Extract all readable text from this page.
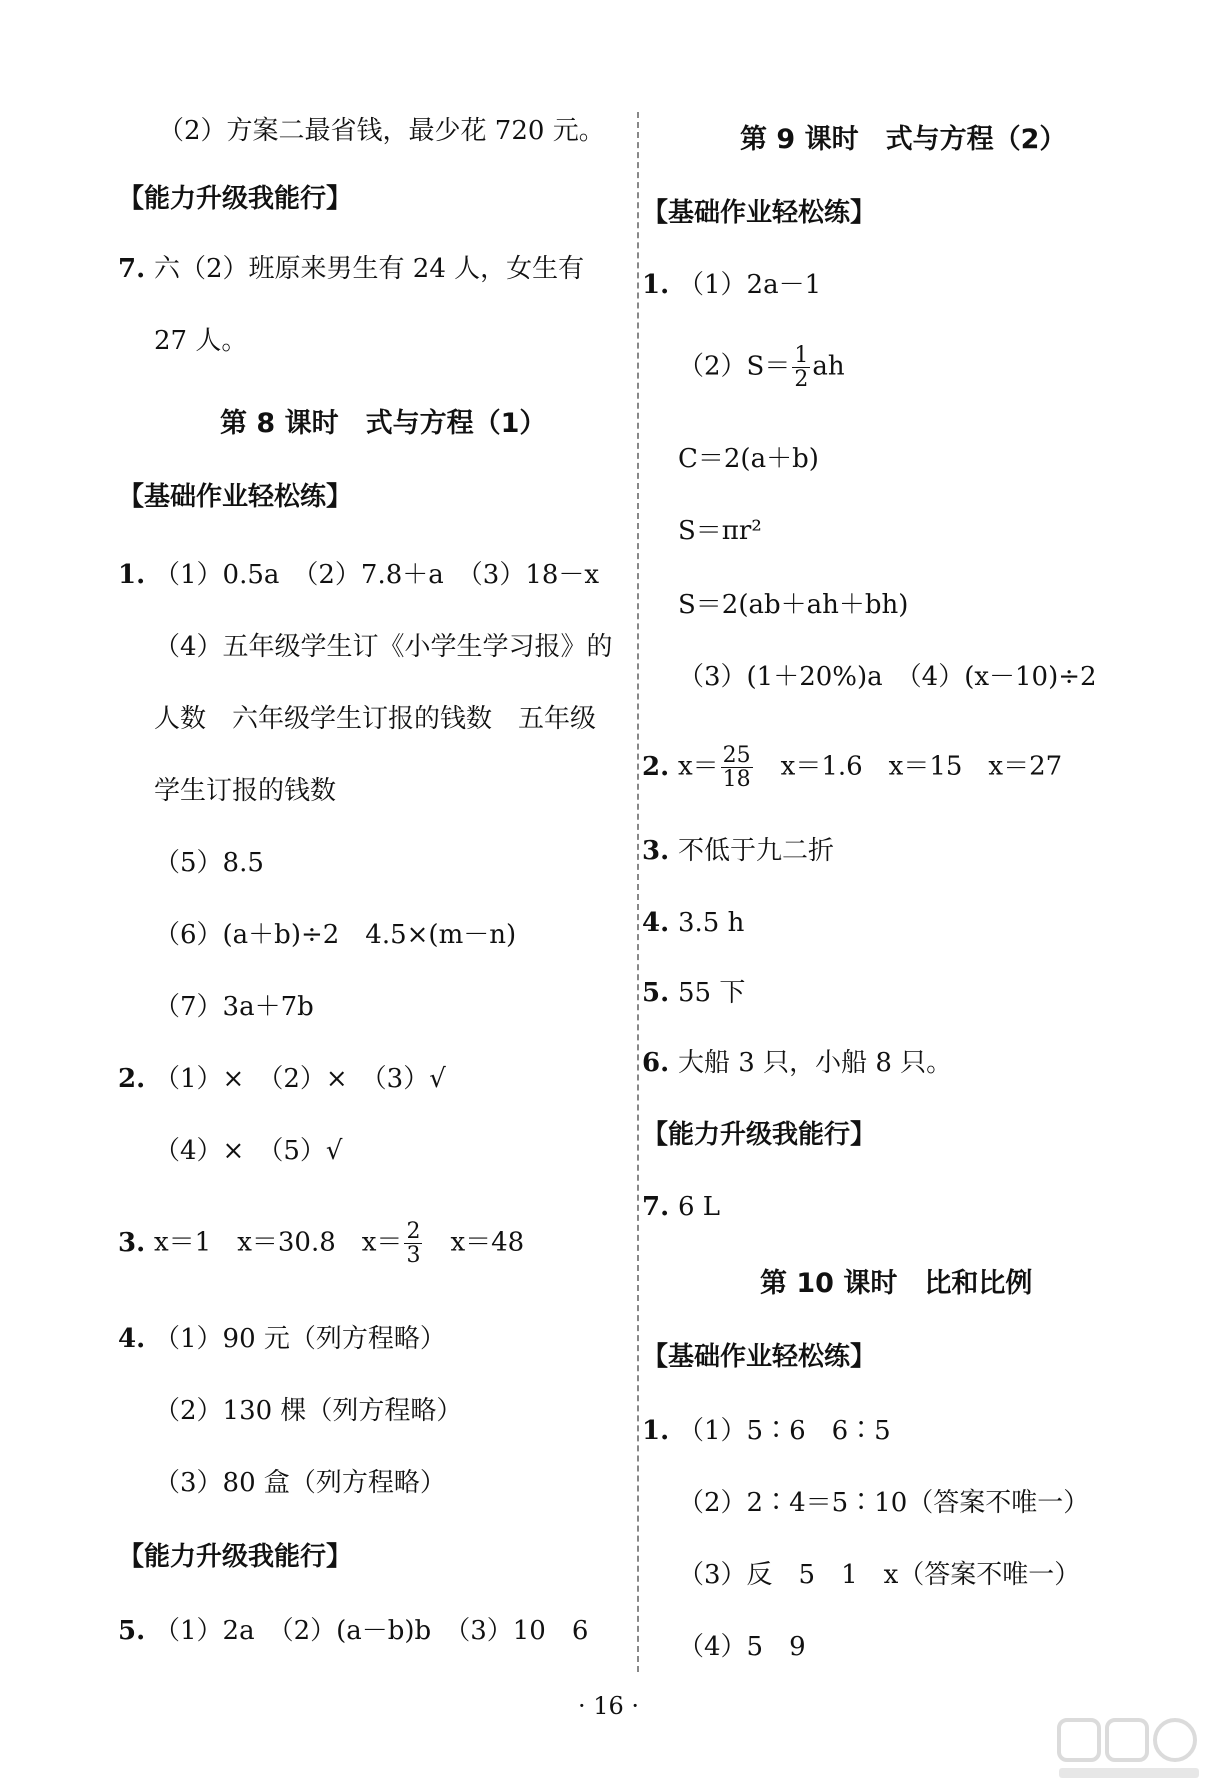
（2）方案二最省钱，最少花 720 元。
【能力升级我能行】
7. 六（2）班原来男生有 24 人，女生有
27 人。
第 8 课时　式与方程（1）
【基础作业轻松练】
1. （1）0.5a　（2）7.8＋a　（3）18－x
（4）五年级学生订《小学生学习报》的
人数　六年级学生订报的钱数　五年级
学生订报的钱数
（5）8.5
（6）(a＋b)÷2　4.5×(m－n)
（7）3a＋7b
2. （1）×　（2）×　（3）√
（4）×　（5）√
3. x＝1　x＝30.8　$x= \frac{2}{3}$ 　x＝48
4. （1）90 元（列方程略）
（2）130 棵（列方程略）
（3）80 盒（列方程略）
【能力升级我能行】
5. （1）2a　（2）(a－b)b　（3）10　6
第 9 课时　式与方程（2）
【基础作业轻松练】
1. （1）2a－1
$(2)S= \frac{1}{2}$ ah
C＝2(a＋b)
S＝πr²
S＝2(ab＋ah＋bh)
（3）(1＋20%)a　（4）(x－10)÷2
2. $x= \frac{25}{18}$ 　x＝1.6　x＝15　x＝27
3. 不低于九二折
4. 3.5 h
5. 55 下
6. 大船 3 只，小船 8 只。
【能力升级我能行】
7. 6 L
第 10 课时　比和比例
【基础作业轻松练】
1. （1）5∶6　6∶5
（2）2∶4＝5∶10（答案不唯一）
（3）反　5　1　x（答案不唯一）
（4）5　9
· 16 ·
